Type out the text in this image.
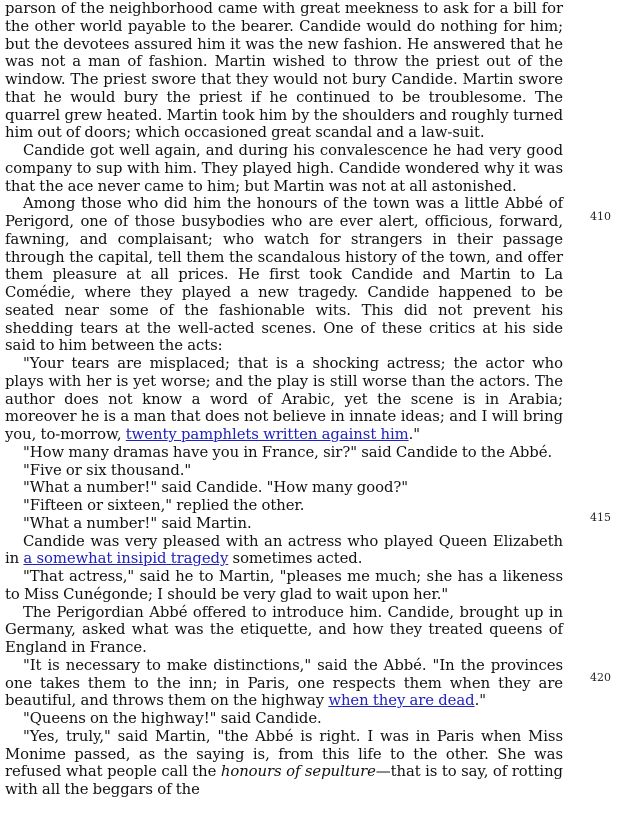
parson of the neighborhood came with great meekness to ask for a bill for the other world payable to the bearer. Candide would do nothing for him; but the devotees assured him it was the new fashion. He answered that he was not a man of fashion. Martin wished to throw the priest out of the window. The priest swore that they would not bury Candide. Martin swore that he would bury the priest if he continued to be troublesome. The quarrel grew heated. Martin took him by the shoulders and roughly turned him out of doors; which occasioned great scandal and a law-suit.

Candide got well again, and during his convalescence he had very good company to sup with him. They played high. Candide wondered why it was that the ace never came to him; but Martin was not at all astonished.

Among those who did him the honours of the town was a little Abbé of Perigord, one of those busybodies who are ever alert, officious, forward, fawning, and complaisant; who watch for strangers in their passage through the capital, tell them the scandalous history of the town, and offer them pleasure at all prices. He first took Candide and Martin to La Comédie, where they played a new tragedy. Candide happened to be seated near some of the fashionable wits. This did not prevent his shedding tears at the well-acted scenes. One of these critics at his side said to him between the acts:

"Your tears are misplaced; that is a shocking actress; the actor who plays with her is yet worse; and the play is still worse than the actors. The author does not know a word of Arabic, yet the scene is in Arabia; moreover he is a man that does not believe in innate ideas; and I will bring you, to-morrow, twenty pamphlets written against him."

"How many dramas have you in France, sir?" said Candide to the Abbé.

"Five or six thousand."

"What a number!" said Candide. "How many good?"

"Fifteen or sixteen," replied the other.

"What a number!" said Martin.

Candide was very pleased with an actress who played Queen Elizabeth in a somewhat insipid tragedy sometimes acted.

"That actress," said he to Martin, "pleases me much; she has a likeness to Miss Cunégonde; I should be very glad to wait upon her."

The Perigordian Abbé offered to introduce him. Candide, brought up in Germany, asked what was the etiquette, and how they treated queens of England in France.

"It is necessary to make distinctions," said the Abbé. "In the provinces one takes them to the inn; in Paris, one respects them when they are beautiful, and throws them on the highway when they are dead."

"Queens on the highway!" said Candide.

"Yes, truly," said Martin, "the Abbé is right. I was in Paris when Miss Monime passed, as the saying is, from this life to the other. She was refused what people call the honours of sepulture—that is to say, of rotting with all the beggars of the

410
415
420
